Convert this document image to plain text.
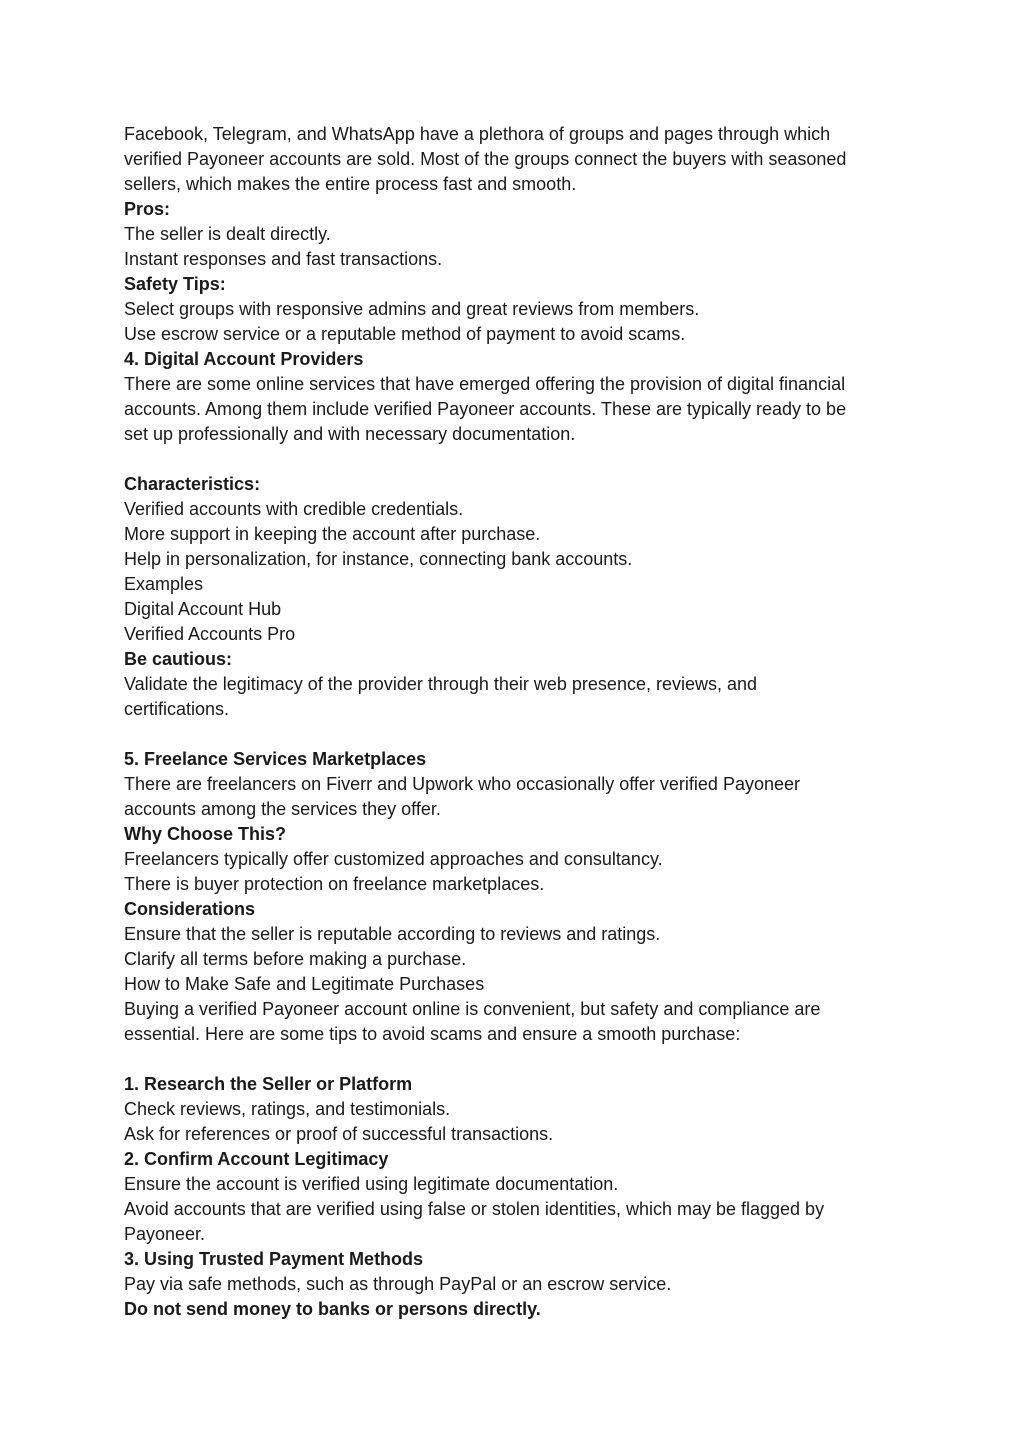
Facebook, Telegram, and WhatsApp have a plethora of groups and pages through which
verified Payoneer accounts are sold. Most of the groups connect the buyers with seasoned
sellers, which makes the entire process fast and smooth.
Pros:
The seller is dealt directly.
Instant responses and fast transactions.
Safety Tips:
Select groups with responsive admins and great reviews from members.
Use escrow service or a reputable method of payment to avoid scams.
4. Digital Account Providers
There are some online services that have emerged offering the provision of digital financial
accounts. Among them include verified Payoneer accounts. These are typically ready to be
set up professionally and with necessary documentation.
Characteristics:
Verified accounts with credible credentials.
More support in keeping the account after purchase.
Help in personalization, for instance, connecting bank accounts.
Examples
Digital Account Hub
Verified Accounts Pro
Be cautious:
Validate the legitimacy of the provider through their web presence, reviews, and
certifications.
5. Freelance Services Marketplaces
There are freelancers on Fiverr and Upwork who occasionally offer verified Payoneer
accounts among the services they offer.
Why Choose This?
Freelancers typically offer customized approaches and consultancy.
There is buyer protection on freelance marketplaces.
Considerations
Ensure that the seller is reputable according to reviews and ratings.
Clarify all terms before making a purchase.
How to Make Safe and Legitimate Purchases
Buying a verified Payoneer account online is convenient, but safety and compliance are
essential. Here are some tips to avoid scams and ensure a smooth purchase:
1. Research the Seller or Platform
Check reviews, ratings, and testimonials.
Ask for references or proof of successful transactions.
2. Confirm Account Legitimacy
Ensure the account is verified using legitimate documentation.
Avoid accounts that are verified using false or stolen identities, which may be flagged by
Payoneer.
3. Using Trusted Payment Methods
Pay via safe methods, such as through PayPal or an escrow service.
Do not send money to banks or persons directly.
